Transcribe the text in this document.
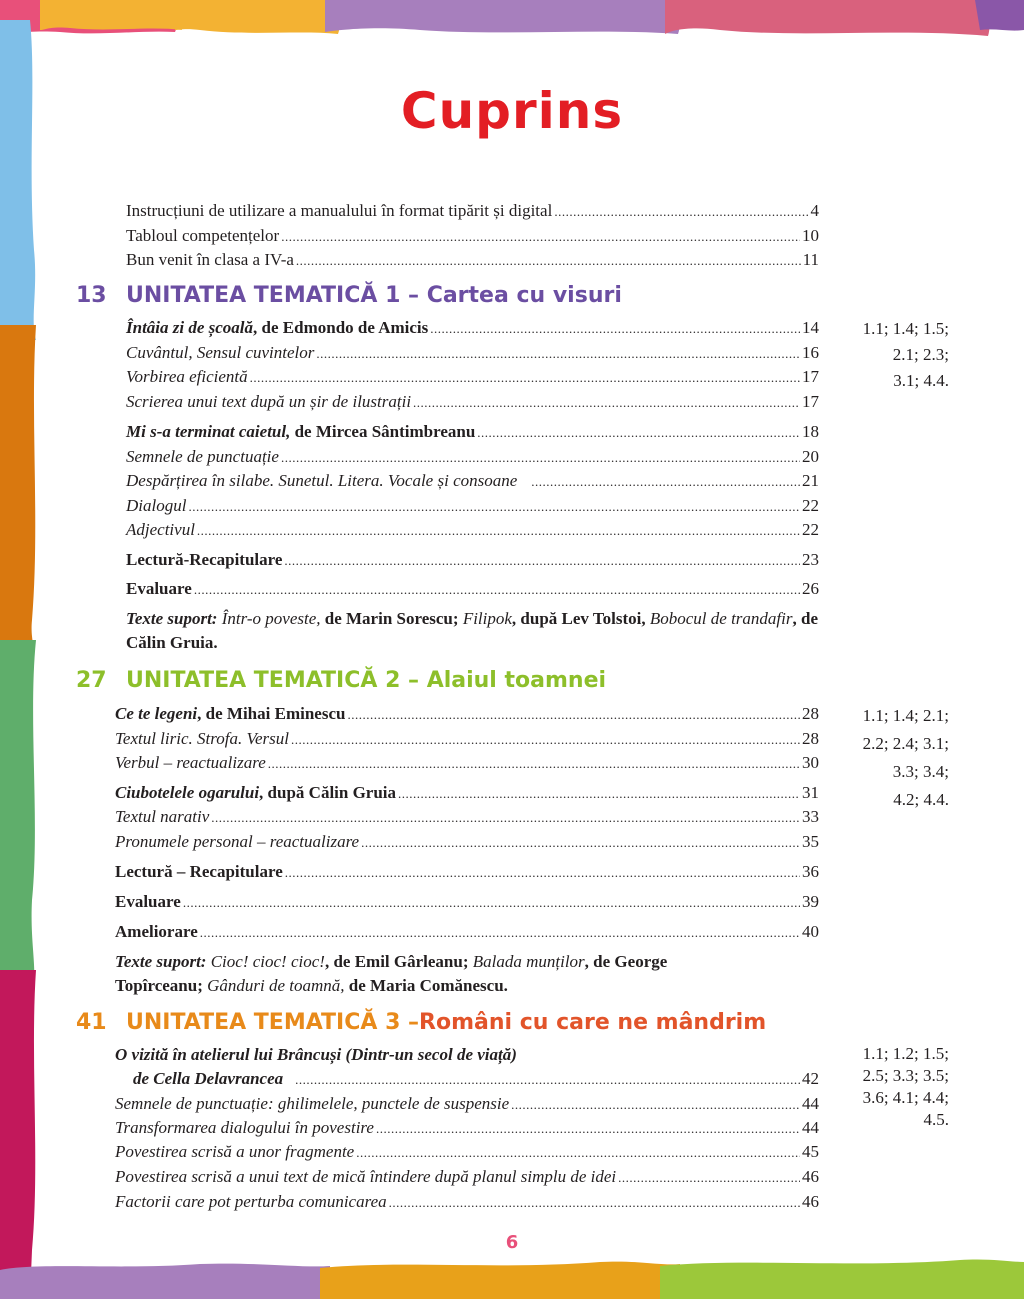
Cuprins
Instrucțiuni de utilizare a manualului în format tipărit și digital .....	4
Tabloul competențelor .....	10
Bun venit în clasa a IV-a .....	11
13 UNITATEA TEMATICĂ 1 – Cartea cu visuri
Întâia zi de școală, de Edmondo de Amicis .....	14
Cuvântul, Sensul cuvintelor .....	16
Vorbirea eficientă .....	17
Scrierea unui text după un șir de ilustrații .....	17
Mi s-a terminat caietul, de Mircea Sântimbreanu .....	18
Semnele de punctuație .....	20
Despărțirea în silabe. Sunetul. Litera. Vocale și consoane .....	21
Dialogul .....	22
Adjectivul .....	22
Lectură-Recapitulare .....	23
Evaluare .....	26
Texte suport: Într-o poveste, de Marin Sorescu; Filipok, după Lev Tolstoi, Bobocul de trandafir, de Călin Gruia.
1.1; 1.4; 1.5;
2.1; 2.3;
3.1; 4.4.
27 UNITATEA TEMATICĂ 2 – Alaiul toamnei
Ce te legeni, de Mihai Eminescu .....	28
Textul liric. Strofa. Versul .....	28
Verbul – reactualizare .....	30
Ciubotelele ogarului, după Călin Gruia .....	31
Textul narativ .....	33
Pronumele personal – reactualizare .....	35
Lectură – Recapitulare .....	36
Evaluare .....	39
Ameliorare .....	40
Texte suport: Cioc! cioc! cioc!, de Emil Gârleanu; Balada munților, de George Topîrceanu; Gânduri de toamnă, de Maria Comănescu.
1.1; 1.4; 2.1;
2.2; 2.4; 3.1;
3.3; 3.4;
4.2; 4.4.
41 UNITATEA TEMATICĂ 3 – Români cu care ne mândrim
O vizită în atelierul lui Brâncuși (Dintr-un secol de viață)
de Cella Delavrancea .....	42
Semnele de punctuație: ghilimelele, punctele de suspensie .....	44
Transformarea dialogului în povestire .....	44
Povestirea scrisă a unor fragmente .....	45
Povestirea scrisă a unui text de mică întindere după planul simplu de idei .....	46
Factorii care pot perturba comunicarea .....	46
1.1; 1.2; 1.5;
2.5; 3.3; 3.5;
3.6; 4.1; 4.4;
4.5.
6
